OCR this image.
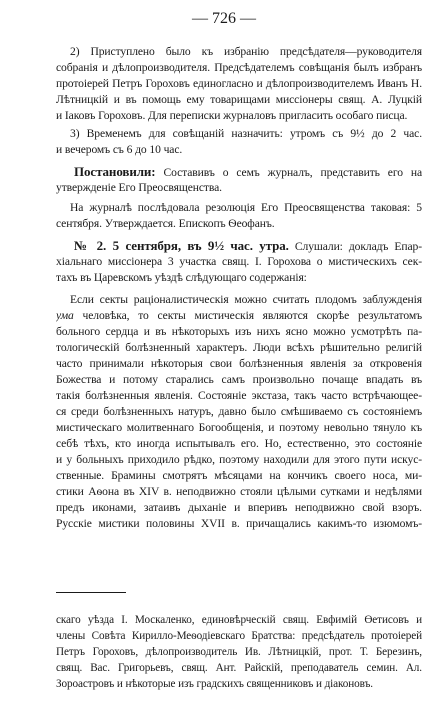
— 726 —
2) Приступлено было къ избранію предсѣдателя—руководителя
собранія и дѣлопроизводителя. Предсѣдателемъ совѣщанія былъ избранъ
протоіерей Петръ Гороховъ единогласно и дѣлопроизводителемъ Иванъ Н.
Лѣтницкій и въ помощь ему товарищами миссіонеры свящ. А. Луцкій
и Іаковъ Гороховъ. Для переписки журналовъ пригласить особаго писца.
3) Временемъ для совѣщаній назначить: утромъ съ 9½ до 2 час.
и вечеромъ съ 6 до 10 час.
Постановили: Составивъ о семъ журналъ, представить его на
утвержденіе Его Преосвященства.
На журналѣ послѣдовала резолюція Его Преосвященства таковая: 5
сентября. Утверждается. Епископъ Ѳеофанъ.
№ 2. 5 сентября, въ 9½ час. утра. Слушали: докладъ Епар-
хіальнаго миссіонера 3 участка свящ. І. Горохова о мистическихъ сек-
тахъ въ Царевскомъ уѣздѣ слѣдующаго содержанія:
Если секты раціоналистическія можно считать плодомъ заблужденія
ума человѣка, то секты мистическія являются скорѣе результатомъ
больного сердца и въ нѣкоторыхъ изъ нихъ ясно можно усмотрѣть па-
тологическій болѣзненный характеръ. Люди всѣхъ рѣшительно религій
часто принимали нѣкоторыя свои болѣзненныя явленія за откровенія
Божества и потому старались самъ произвольно почаще впадать въ
такія болѣзненныя явленія. Состояніе экстаза, такъ часто встрѣчающее-
ся среди болѣзненныхъ натуръ, давно было смѣшиваемо съ состояніемъ
мистическаго молитвеннаго Богообщенія, и поэтому невольно тянуло къ
себѣ тѣхъ, кто иногда испытывалъ его. Но, естественно, это состояніе
и у больныхъ приходило рѣдко, поэтому находили для этого пути искус-
ственные. Брамины смотрятъ мѣсяцами на кончикъ своего носа, ми-
стики Аѳона въ XIV в. неподвижно стояли цѣлыми сутками и недѣлями
предъ иконами, затаивъ дыханіе и вперивъ неподвижно свой взоръ.
Русскіе мистики половины XVII в. причащались какимъ-то изюмомъ-
скаго уѣзда І. Москаленко, единовѣрческій свящ. Евфимій Өетисовъ и
члены Совѣта Кирилло-Меѳодіевскаго Братства: предсѣдатель протоіерей
Петръ Гороховъ, дѣлопроизводитель Ив. Лѣтницкій, прот. Т. Березинъ,
свящ. Вас. Григорьевъ, свящ. Ант. Райскій, преподаватель семин. Ал.
Зороастровъ и нѣкоторые изъ градскихъ священниковъ и діаконовъ.
